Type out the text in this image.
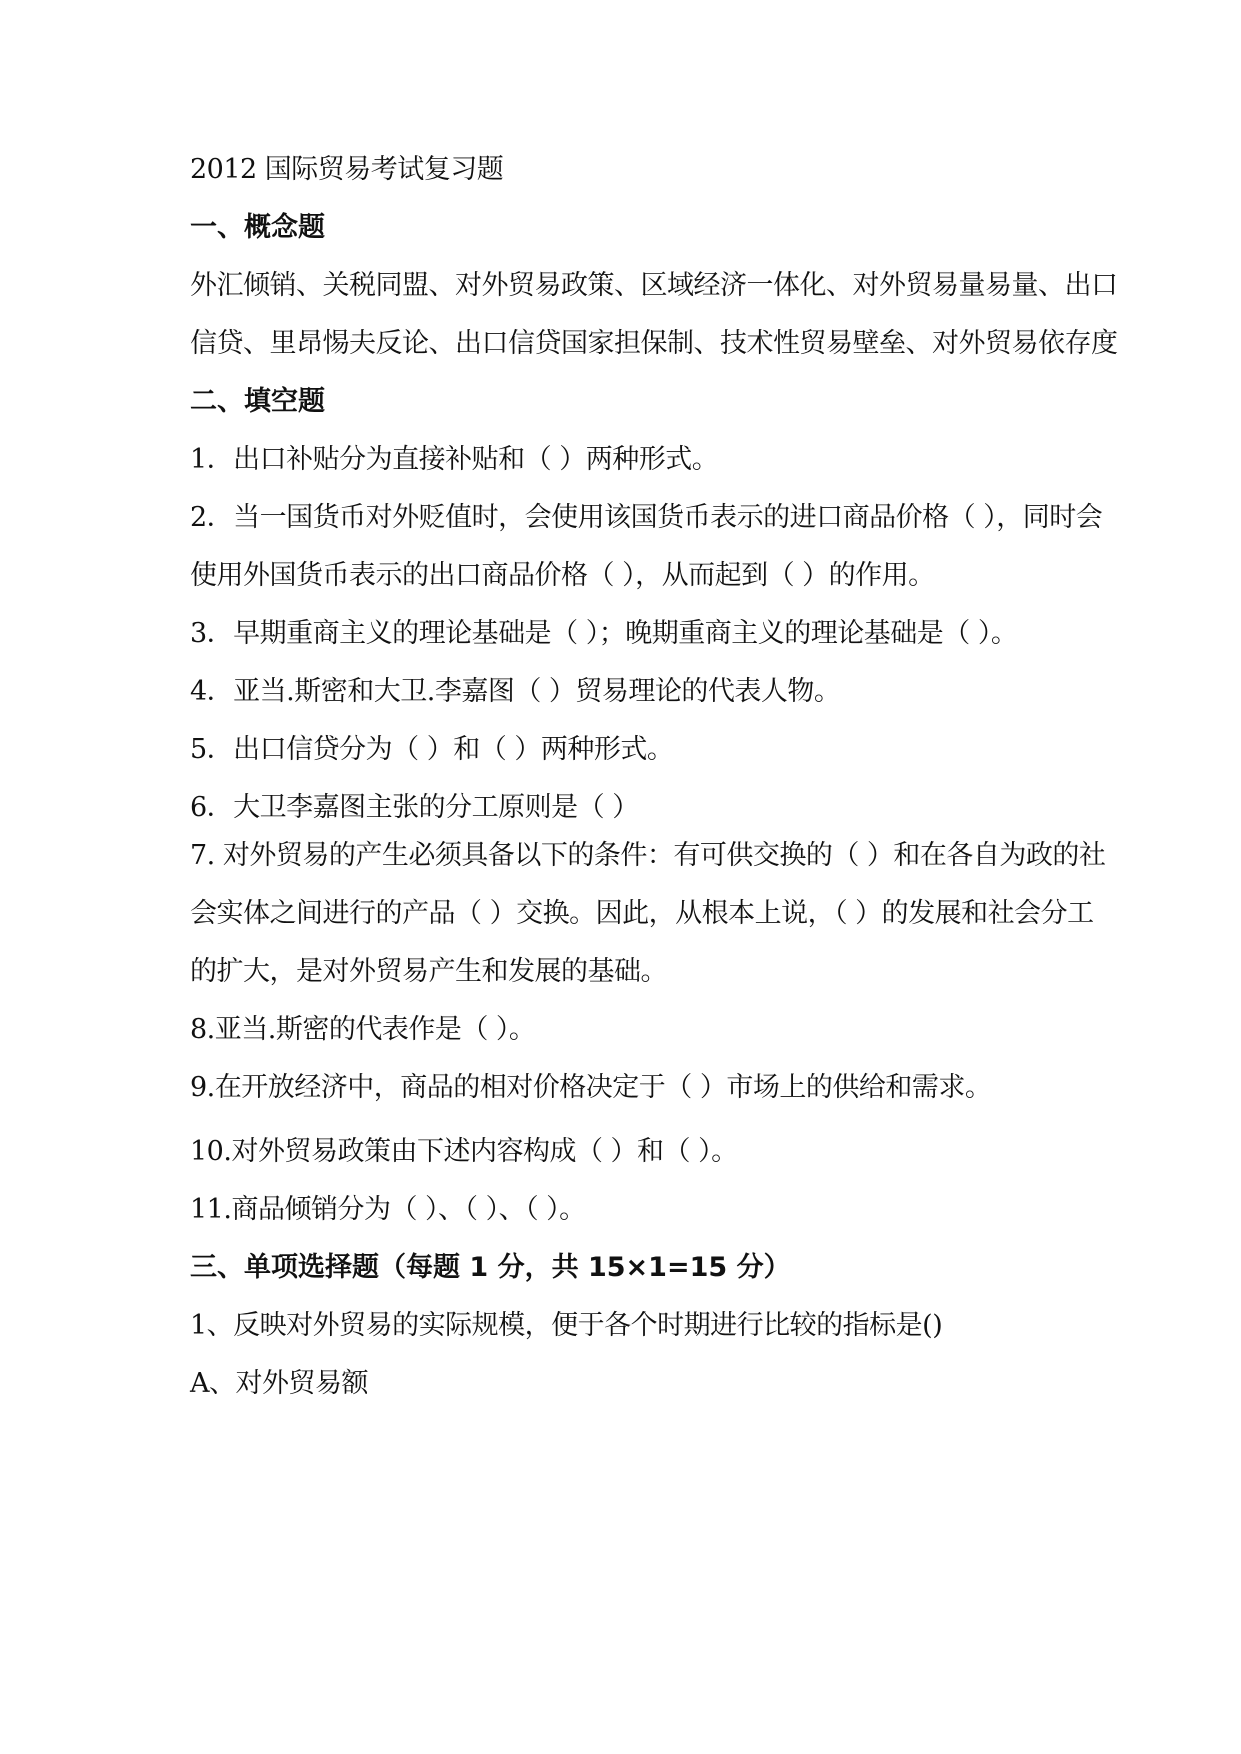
2012 国际贸易考试复习题
一、概念题
外汇倾销、关税同盟、对外贸易政策、区域经济一体化、对外贸易量易量、出口
信贷、里昂惕夫反论、出口信贷国家担保制、技术性贸易壁垒、对外贸易依存度
二、填空题
1．出口补贴分为直接补贴和（ ）两种形式。
2．当一国货币对外贬值时，会使用该国货币表示的进口商品价格（ ），同时会
使用外国货币表示的出口商品价格（ ），从而起到（ ）的作用。
3．早期重商主义的理论基础是（ ）；晚期重商主义的理论基础是（ ）。
4．亚当.斯密和大卫.李嘉图（ ）贸易理论的代表人物。
5．出口信贷分为（ ）和（ ）两种形式。
6．大卫李嘉图主张的分工原则是（ ）
7. 对外贸易的产生必须具备以下的条件：有可供交换的（ ）和在各自为政的社
会实体之间进行的产品（ ）交换。因此，从根本上说，（ ）的发展和社会分工
的扩大，是对外贸易产生和发展的基础。
8.亚当.斯密的代表作是（ ）。
9.在开放经济中，商品的相对价格决定于（ ）市场上的供给和需求。
10.对外贸易政策由下述内容构成（ ）和（ ）。
11.商品倾销分为（ ）、（ ）、（ ）。
三、单项选择题（每题 1 分，共 15×1=15 分）
1、反映对外贸易的实际规模，便于各个时期进行比较的指标是()
A、对外贸易额
